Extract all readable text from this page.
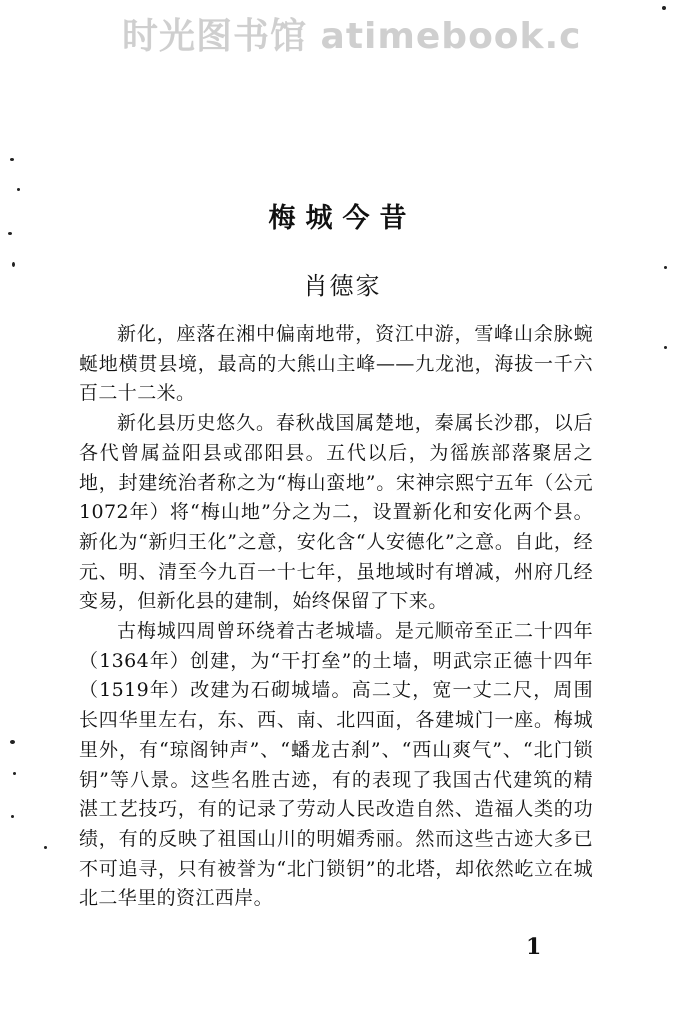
时光图书馆 atimebook.c
梅城今昔
肖德家

新化，座落在湘中偏南地带，资江中游，雪峰山余脉蜿蜒地横贯县境，最高的大熊山主峰——九龙池，海拔一千六百二十二米。

新化县历史悠久。春秋战国属楚地，秦属长沙郡，以后各代曾属益阳县或邵阳县。五代以后，为徭族部落聚居之地，封建统治者称之为“梅山蛮地”。宋神宗熙宁五年（公元1072年）将“梅山地”分之为二，设置新化和安化两个县。新化为“新归王化”之意，安化含“人安德化”之意。自此，经元、明、清至今九百一十七年，虽地域时有增减，州府几经变易，但新化县的建制，始终保留了下来。

古梅城四周曾环绕着古老城墙。是元顺帝至正二十四年（1364年）创建，为“干打垒”的土墙，明武宗正德十四年（1519年）改建为石砌城墙。高二丈，宽一丈二尺，周围长四华里左右，东、西、南、北四面，各建城门一座。梅城里外，有“琼阁钟声”、“蟠龙古刹”、“西山爽气”、“北门锁钥”等八景。这些名胜古迹，有的表现了我国古代建筑的精湛工艺技巧，有的记录了劳动人民改造自然、造福人类的功绩，有的反映了祖国山川的明媚秀丽。然而这些古迹大多已不可追寻，只有被誉为“北门锁钥”的北塔，却依然屹立在城北二华里的资江西岸。

1
